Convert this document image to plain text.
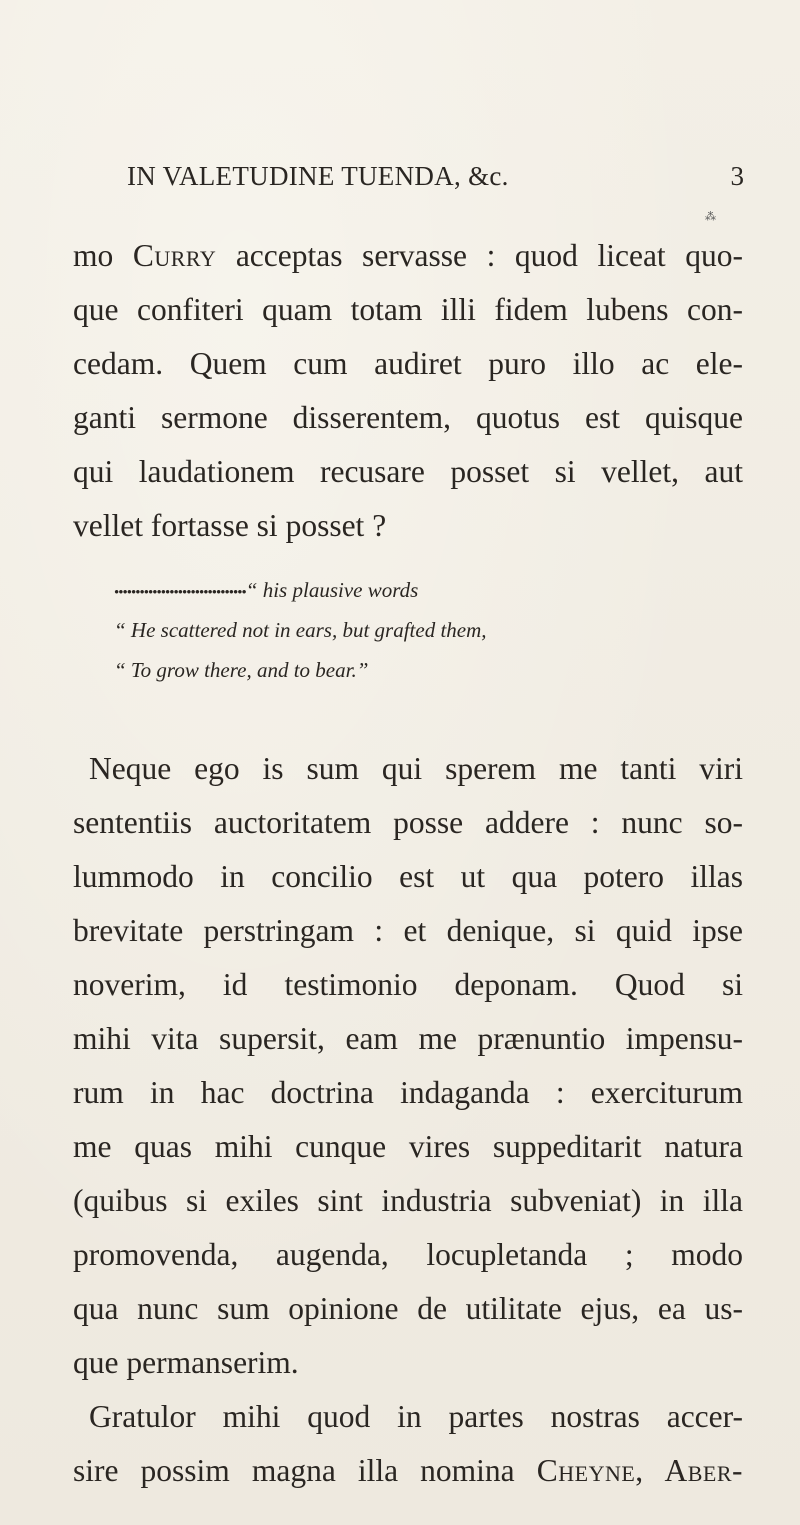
IN VALETUDINE TUENDA, &c.	3
⁂
mo Curry acceptas servasse : quod liceat quo-
que confiteri quam totam illi fidem lubens con-
cedam. Quem cum audiret puro illo ac ele-
ganti sermone disserentem, quotus est quisque
qui laudationem recusare posset si vellet, aut
vellet fortasse si posset ?
•••••••••••••••••••••••••••••••“ his plausive words
“ He scattered not in ears, but grafted them,
“ To grow there, and to bear.”
Neque ego is sum qui sperem me tanti viri
sententiis auctoritatem posse addere : nunc so-
lummodo in concilio est ut qua potero illas
brevitate perstringam : et denique, si quid ipse
noverim, id testimonio deponam. Quod si
mihi vita supersit, eam me prænuntio impensu-
rum in hac doctrina indaganda : exerciturum
me quas mihi cunque vires suppeditarit natura
(quibus si exiles sint industria subveniat) in illa
promovenda, augenda, locupletanda ; modo
qua nunc sum opinione de utilitate ejus, ea us-
que permanserim.
Gratulor mihi quod in partes nostras accer-
sire possim magna illa nomina Cheyne, Aber-
